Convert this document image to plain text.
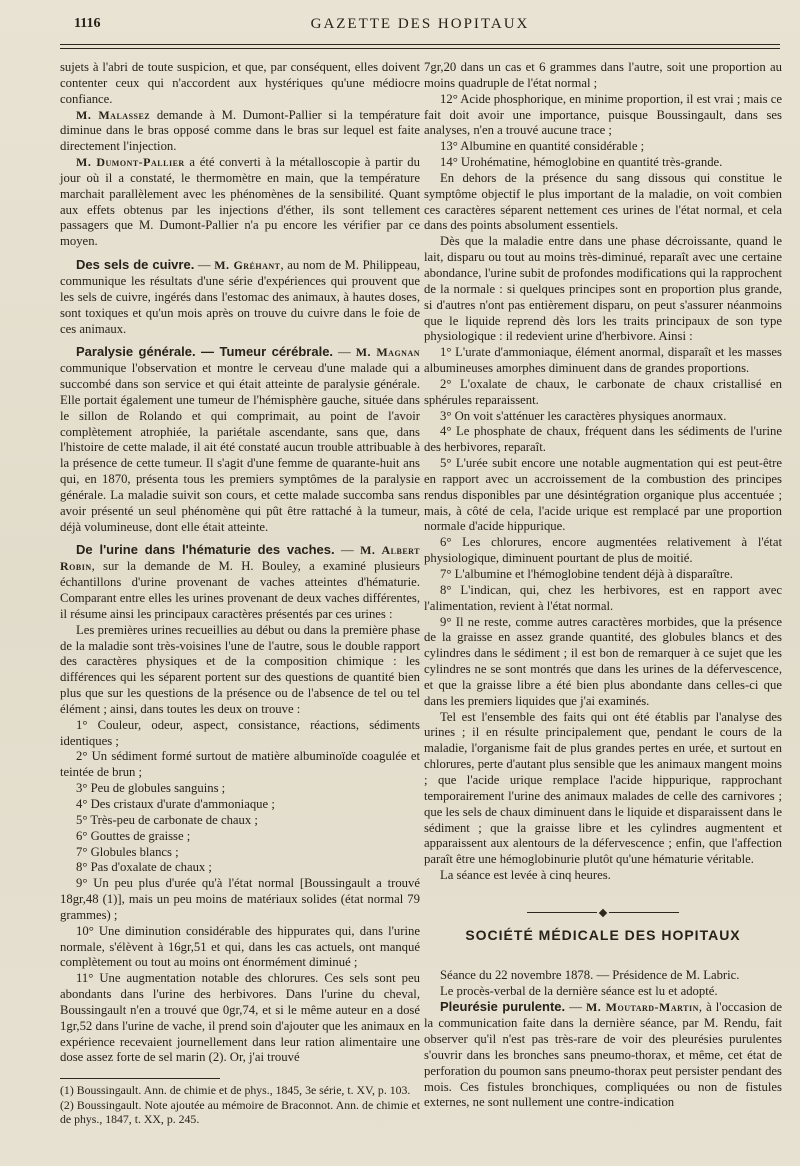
1116	GAZETTE DES HOPITAUX

sujets à l'abri de toute suspicion, et que, par conséquent, elles doivent contenter ceux qui n'accordent aux hystériques qu'une médiocre confiance.

M. Malassez demande à M. Dumont-Pallier si la température diminue dans le bras opposé comme dans le bras sur lequel est faite directement l'injection.

M. Dumont-Pallier a été converti à la métalloscopie à partir du jour où il a constaté, le thermomètre en main, que la température marchait parallèlement avec les phénomènes de la sensibilité. Quant aux effets obtenus par les injections d'éther, ils sont tellement passagers que M. Dumont-Pallier n'a pu encore les vérifier par ce moyen.

Des sels de cuivre. — M. Gréhant, au nom de M. Philippeau, communique les résultats d'une série d'expériences qui prouvent que les sels de cuivre, ingérés dans l'estomac des animaux, à hautes doses, sont toxiques et qu'un mois après on trouve du cuivre dans le foie de ces animaux.

Paralysie générale. — Tumeur cérébrale. — M. Magnan communique l'observation et montre le cerveau d'une malade qui a succombé dans son service et qui était atteinte de paralysie générale. Elle portait également une tumeur de l'hémisphère gauche, située dans le sillon de Rolando et qui comprimait, au point de l'avoir complètement atrophiée, la pariétale ascendante, sans que, dans l'histoire de cette malade, il ait été constaté aucun trouble attribuable à la présence de cette tumeur. Il s'agit d'une femme de quarante-huit ans qui, en 1870, présenta tous les premiers symptômes de la paralysie générale. La maladie suivit son cours, et cette malade succomba sans avoir présenté un seul phénomène qui pût être rattaché à la tumeur, déjà volumineuse, dont elle était atteinte.

De l'urine dans l'hématurie des vaches. — M. Albert Robin, sur la demande de M. H. Bouley, a examiné plusieurs échantillons d'urine provenant de vaches atteintes d'hématurie. Comparant entre elles les urines provenant de deux vaches différentes, il résume ainsi les principaux caractères présentés par ces urines :

Les premières urines recueillies au début ou dans la première phase de la maladie sont très-voisines l'une de l'autre, sous le double rapport des caractères physiques et de la composition chimique : les différences qui les séparent portent sur des questions de quantité bien plus que sur les questions de la présence ou de l'absence de tel ou tel élément ; ainsi, dans toutes les deux on trouve :

1° Couleur, odeur, aspect, consistance, réactions, sédiments identiques ;

2° Un sédiment formé surtout de matière albuminoïde coagulée et teintée de brun ;

3° Peu de globules sanguins ;

4° Des cristaux d'urate d'ammoniaque ;

5° Très-peu de carbonate de chaux ;

6° Gouttes de graisse ;

7° Globules blancs ;

8° Pas d'oxalate de chaux ;

9° Un peu plus d'urée qu'à l'état normal [Boussingault a trouvé 18gr,48 (1)], mais un peu moins de matériaux solides (état normal 79 grammes) ;

10° Une diminution considérable des hippurates qui, dans l'urine normale, s'élèvent à 16gr,51 et qui, dans les cas actuels, ont manqué complètement ou tout au moins ont énormément diminué ;

11° Une augmentation notable des chlorures. Ces sels sont peu abondants dans l'urine des herbivores. Dans l'urine du cheval, Boussingault n'en a trouvé que 0gr,74, et si le même auteur en a dosé 1gr,52 dans l'urine de vache, il prend soin d'ajouter que les animaux en expérience recevaient journellement dans leur ration alimentaire une dose assez forte de sel marin (2). Or, j'ai trouvé

(1) Boussingault. Ann. de chimie et de phys., 1845, 3e série, t. XV, p. 103.

(2) Boussingault. Note ajoutée au mémoire de Braconnot. Ann. de chimie et de phys., 1847, t. XX, p. 245.

7gr,20 dans un cas et 6 grammes dans l'autre, soit une proportion au moins quadruple de l'état normal ;

12° Acide phosphorique, en minime proportion, il est vrai ; mais ce fait doit avoir une importance, puisque Boussingault, dans ses analyses, n'en a trouvé aucune trace ;

13° Albumine en quantité considérable ;

14° Urohématine, hémoglobine en quantité très-grande.

En dehors de la présence du sang dissous qui constitue le symptôme objectif le plus important de la maladie, on voit combien ces caractères séparent nettement ces urines de l'état normal, et cela dans des points absolument essentiels.

Dès que la maladie entre dans une phase décroissante, quand le lait, disparu ou tout au moins très-diminué, reparaît avec une certaine abondance, l'urine subit de profondes modifications qui la rapprochent de la normale : si quelques principes sont en proportion plus grande, si d'autres n'ont pas entièrement disparu, on peut s'assurer néanmoins que le liquide reprend dès lors les traits principaux de son type physiologique : il redevient urine d'herbivore. Ainsi :

1° L'urate d'ammoniaque, élément anormal, disparaît et les masses albumineuses amorphes diminuent dans de grandes proportions.

2° L'oxalate de chaux, le carbonate de chaux cristallisé en sphérules reparaissent.

3° On voit s'atténuer les caractères physiques anormaux.

4° Le phosphate de chaux, fréquent dans les sédiments de l'urine des herbivores, reparaît.

5° L'urée subit encore une notable augmentation qui est peut-être en rapport avec un accroissement de la combustion des principes rendus disponibles par une désintégration organique plus accentuée ; mais, à côté de cela, l'acide urique est remplacé par une proportion normale d'acide hippurique.

6° Les chlorures, encore augmentées relativement à l'état physiologique, diminuent pourtant de plus de moitié.

7° L'albumine et l'hémoglobine tendent déjà à disparaître.

8° L'indican, qui, chez les herbivores, est en rapport avec l'alimentation, revient à l'état normal.

9° Il ne reste, comme autres caractères morbides, que la présence de la graisse en assez grande quantité, des globules blancs et des cylindres dans le sédiment ; il est bon de remarquer à ce sujet que les cylindres ne se sont montrés que dans les urines de la défervescence, et que la graisse libre a été bien plus abondante dans celles-ci que dans les premiers liquides que j'ai examinés.

Tel est l'ensemble des faits qui ont été établis par l'analyse des urines ; il en résulte principalement que, pendant le cours de la maladie, l'organisme fait de plus grandes pertes en urée, et surtout en chlorures, perte d'autant plus sensible que les animaux mangent moins ; que l'acide urique remplace l'acide hippurique, rapprochant temporairement l'urine des animaux malades de celle des carnivores ; que les sels de chaux diminuent dans le liquide et disparaissent dans le sédiment ; que la graisse libre et les cylindres augmentent et apparaissent aux alentours de la défervescence ; enfin, que l'affection paraît être une hémoglobinurie plutôt qu'une hématurie véritable.

La séance est levée à cinq heures.

SOCIÉTÉ MÉDICALE DES HOPITAUX

Séance du 22 novembre 1878. — Présidence de M. Labric.

Le procès-verbal de la dernière séance est lu et adopté.

Pleurésie purulente. — M. Moutard-Martin, à l'occasion de la communication faite dans la dernière séance, par M. Rendu, fait observer qu'il n'est pas très-rare de voir des pleurésies purulentes s'ouvrir dans les bronches sans pneumo-thorax, et même, cet état de perforation du poumon sans pneumo-thorax peut persister pendant des mois. Ces fistules bronchiques, compliquées ou non de fistules externes, ne sont nullement une contre-indication
